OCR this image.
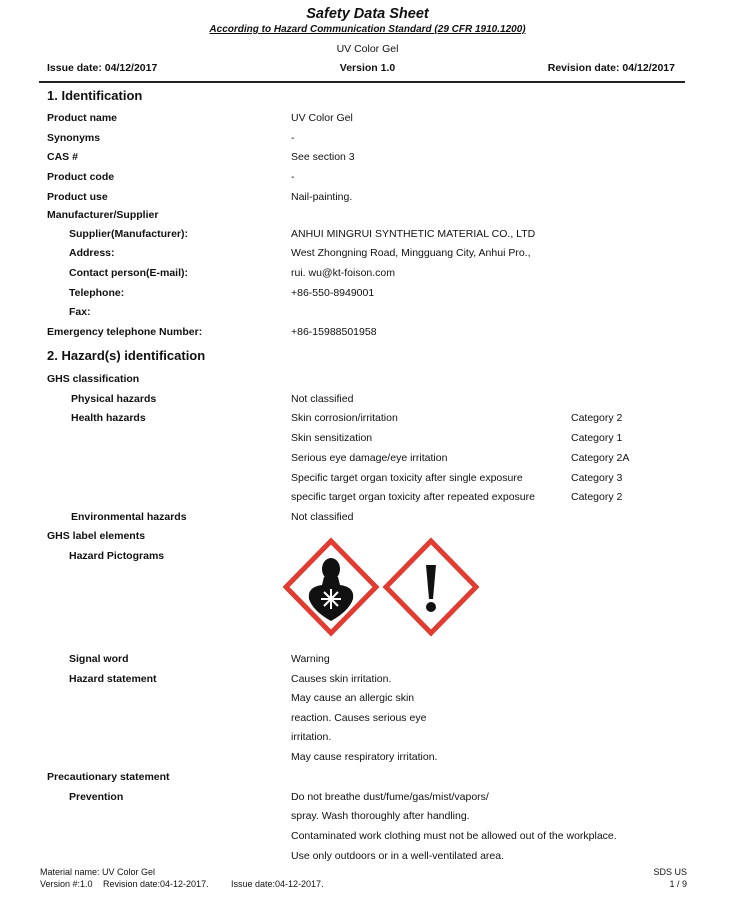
Safety Data Sheet
According to Hazard Communication Standard (29 CFR 1910.1200)
UV Color Gel
Issue date: 04/12/2017	Version 1.0	Revision date: 04/12/2017
1. Identification
Product name	UV Color Gel
Synonyms	-
CAS #	See section 3
Product code	-
Product use	Nail-painting.
Manufacturer/Supplier
Supplier(Manufacturer):	ANHUI MINGRUI SYNTHETIC MATERIAL CO., LTD
Address:	West Zhongning Road, Mingguang City, Anhui Pro.,
Contact person(E-mail):	rui. wu@kt-foison.com
Telephone:	+86-550-8949001
Fax:
Emergency telephone Number:	+86-15988501958
2. Hazard(s) identification
GHS classification
Physical hazards	Not classified
Health hazards	Skin corrosion/irritation	Category 2
Skin sensitization	Category 1
Serious eye damage/eye irritation	Category 2A
Specific target organ toxicity after single exposure	Category 3
specific target organ toxicity after repeated exposure	Category 2
Environmental hazards	Not classified
GHS label elements
Hazard Pictograms
Signal word	Warning
Hazard statement	Causes skin irritation.
May cause an allergic skin
reaction. Causes serious eye
irritation.
May cause respiratory irritation.
Precautionary statement
Prevention	Do not breathe dust/fume/gas/mist/vapors/
spray. Wash thoroughly after handling.
Contaminated work clothing must not be allowed out of the workplace.
Use only outdoors or in a well-ventilated area.
Material name: UV Color Gel
Version #:1.0 Revision date:04-12-2017. Issue date:04-12-2017.
SDS US
1 / 9
